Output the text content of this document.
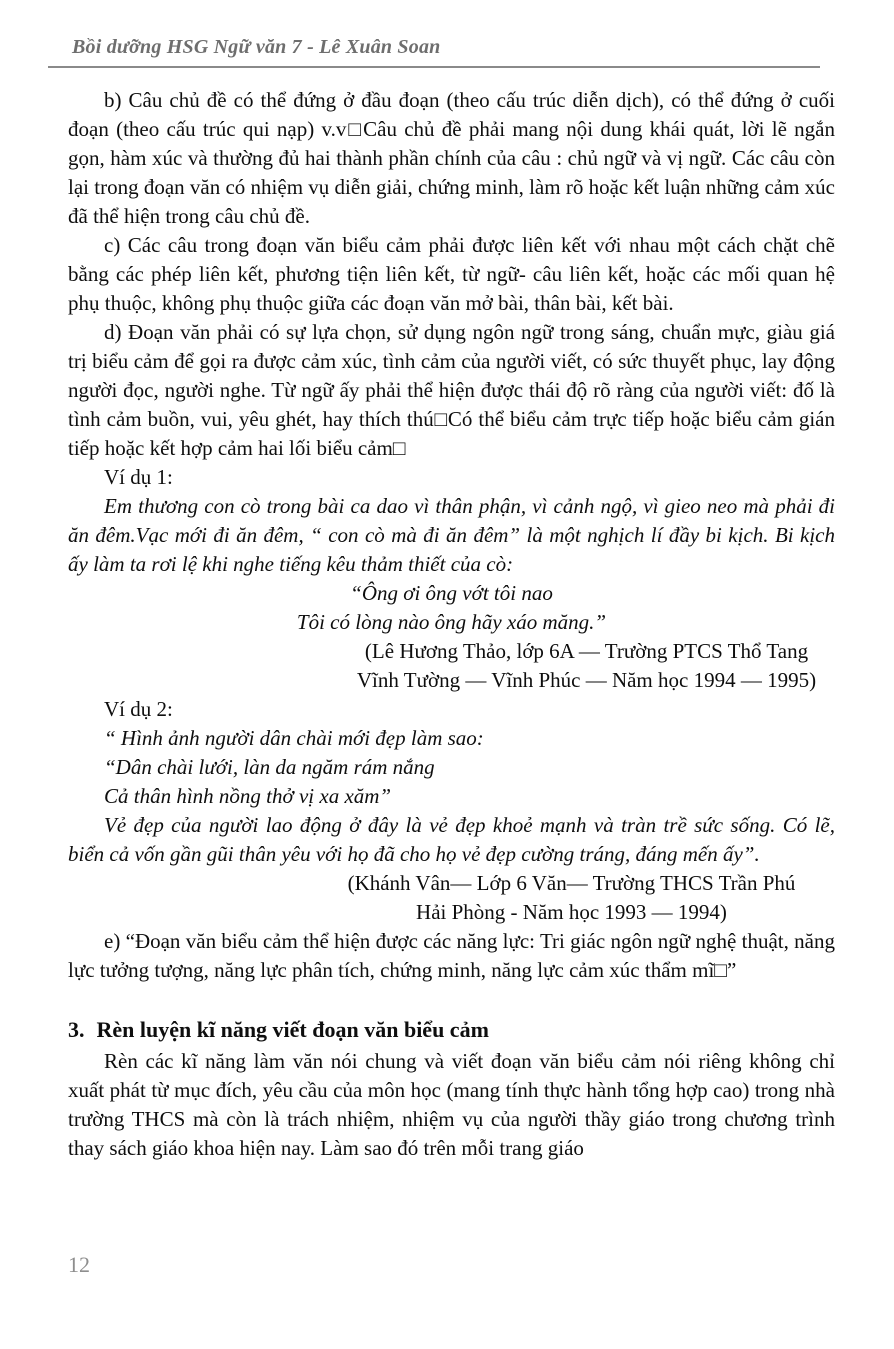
Bồi dưỡng HSG Ngữ văn 7 - Lê Xuân Soan

b) Câu chủ đề có thể đứng ở đầu đoạn (theo cấu trúc diễn dịch), có thể đứng ở cuối đoạn (theo cấu trúc qui nạp) v.v□Câu chủ đề phải mang nội dung khái quát, lời lẽ ngắn gọn, hàm xúc và thường đủ hai thành phần chính của câu : chủ ngữ và vị ngữ. Các câu còn lại trong đoạn văn có nhiệm vụ diễn giải, chứng minh, làm rõ hoặc kết luận những cảm xúc đã thể hiện trong câu chủ đề.

c) Các câu trong đoạn văn biểu cảm phải được liên kết với nhau một cách chặt chẽ bằng các phép liên kết, phương tiện liên kết, từ ngữ- câu liên kết, hoặc các mối quan hệ phụ thuộc, không phụ thuộc giữa các đoạn văn mở bài, thân bài, kết bài.

d) Đoạn văn phải có sự lựa chọn, sử dụng ngôn ngữ trong sáng, chuẩn mực, giàu giá trị biểu cảm để gọi ra được cảm xúc, tình cảm của người viết, có sức thuyết phục, lay động người đọc, người nghe. Từ ngữ ấy phải thể hiện được thái độ rõ ràng của người viết: đố là tình cảm buồn, vui, yêu ghét, hay thích thú□Có thể biểu cảm trực tiếp hoặc biểu cảm gián tiếp hoặc kết hợp cảm hai lối biểu cảm□

Ví dụ 1:

Em thương con cò trong bài ca dao vì thân phận, vì cảnh ngộ, vì gieo neo mà phải đi ăn đêm.Vạc mới đi ăn đêm, “ con cò mà đi ăn đêm” là một nghịch lí đầy bi kịch. Bi kịch ấy làm ta rơi lệ khi nghe tiếng kêu thảm thiết của cò:

“Ông ơi ông vớt tôi nao

Tôi có lòng nào ông hãy xáo măng.”

(Lê Hương Thảo, lớp 6A — Trường PTCS Thổ Tang

Vĩnh Tường — Vĩnh Phúc — Năm học 1994 — 1995)

Ví dụ 2:

“ Hình ảnh người dân chài mới đẹp làm sao:

“Dân chài lưới, làn da ngăm rám nắng

Cả thân hình nồng thở vị xa xăm”

Vẻ đẹp của người lao động ở đây là vẻ đẹp khoẻ mạnh và tràn trề sức sống. Có lẽ, biển cả vốn gần gũi thân yêu với họ đã cho họ vẻ đẹp cường tráng, đáng mến ấy”.

(Khánh Vân— Lớp 6 Văn— Trường THCS Trần Phú

Hải Phòng - Năm học 1993 — 1994)

e) “Đoạn văn biểu cảm thể hiện được các năng lực: Tri giác ngôn ngữ nghệ thuật, năng lực tưởng tượng, năng lực phân tích, chứng minh, năng lực cảm xúc thẩm mĩ□”

3. Rèn luyện kĩ năng viết đoạn văn biểu cảm

Rèn các kĩ năng làm văn nói chung và viết đoạn văn biểu cảm nói riêng không chỉ xuất phát từ mục đích, yêu cầu của môn học (mang tính thực hành tổng hợp cao) trong nhà trường THCS mà còn là trách nhiệm, nhiệm vụ của người thầy giáo trong chương trình thay sách giáo khoa hiện nay. Làm sao đó trên mỗi trang giáo

12
